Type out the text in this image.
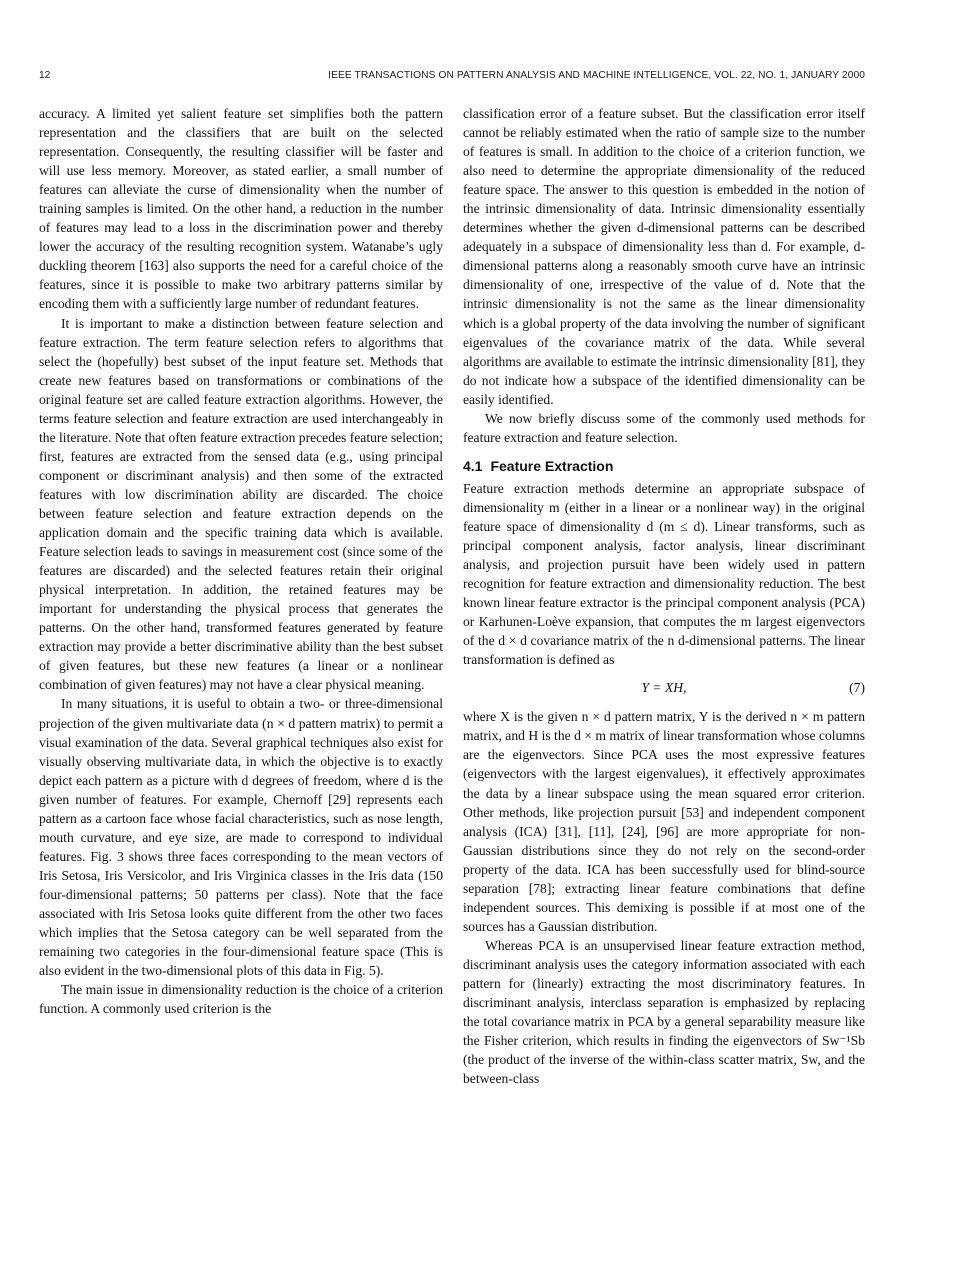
12	IEEE TRANSACTIONS ON PATTERN ANALYSIS AND MACHINE INTELLIGENCE, VOL. 22, NO. 1, JANUARY 2000

accuracy. A limited yet salient feature set simplifies both the pattern representation and the classifiers that are built on the selected representation. Consequently, the resulting classifier will be faster and will use less memory. Moreover, as stated earlier, a small number of features can alleviate the curse of dimensionality when the number of training samples is limited. On the other hand, a reduction in the number of features may lead to a loss in the discrimination power and thereby lower the accuracy of the resulting recognition system. Watanabe’s ugly duckling theorem [163] also supports the need for a careful choice of the features, since it is possible to make two arbitrary patterns similar by encoding them with a sufficiently large number of redundant features.

It is important to make a distinction between feature selection and feature extraction. The term feature selection refers to algorithms that select the (hopefully) best subset of the input feature set. Methods that create new features based on transformations or combinations of the original feature set are called feature extraction algorithms. However, the terms feature selection and feature extraction are used interchangeably in the literature. Note that often feature extraction precedes feature selection; first, features are extracted from the sensed data (e.g., using principal component or discriminant analysis) and then some of the extracted features with low discrimination ability are discarded. The choice between feature selection and feature extraction depends on the application domain and the specific training data which is available. Feature selection leads to savings in measurement cost (since some of the features are discarded) and the selected features retain their original physical interpretation. In addition, the retained features may be important for understanding the physical process that generates the patterns. On the other hand, transformed features generated by feature extraction may provide a better discriminative ability than the best subset of given features, but these new features (a linear or a nonlinear combination of given features) may not have a clear physical meaning.

In many situations, it is useful to obtain a two- or three-dimensional projection of the given multivariate data (n × d pattern matrix) to permit a visual examination of the data. Several graphical techniques also exist for visually observing multivariate data, in which the objective is to exactly depict each pattern as a picture with d degrees of freedom, where d is the given number of features. For example, Chernoff [29] represents each pattern as a cartoon face whose facial characteristics, such as nose length, mouth curvature, and eye size, are made to correspond to individual features. Fig. 3 shows three faces corresponding to the mean vectors of Iris Setosa, Iris Versicolor, and Iris Virginica classes in the Iris data (150 four-dimensional patterns; 50 patterns per class). Note that the face associated with Iris Setosa looks quite different from the other two faces which implies that the Setosa category can be well separated from the remaining two categories in the four-dimensional feature space (This is also evident in the two-dimensional plots of this data in Fig. 5).

The main issue in dimensionality reduction is the choice of a criterion function. A commonly used criterion is the

classification error of a feature subset. But the classification error itself cannot be reliably estimated when the ratio of sample size to the number of features is small. In addition to the choice of a criterion function, we also need to determine the appropriate dimensionality of the reduced feature space. The answer to this question is embedded in the notion of the intrinsic dimensionality of data. Intrinsic dimensionality essentially determines whether the given d-dimensional patterns can be described adequately in a subspace of dimensionality less than d. For example, d-dimensional patterns along a reasonably smooth curve have an intrinsic dimensionality of one, irrespective of the value of d. Note that the intrinsic dimensionality is not the same as the linear dimensionality which is a global property of the data involving the number of significant eigenvalues of the covariance matrix of the data. While several algorithms are available to estimate the intrinsic dimensionality [81], they do not indicate how a subspace of the identified dimensionality can be easily identified.

We now briefly discuss some of the commonly used methods for feature extraction and feature selection.

4.1 Feature Extraction

Feature extraction methods determine an appropriate subspace of dimensionality m (either in a linear or a nonlinear way) in the original feature space of dimensionality d (m ≤ d). Linear transforms, such as principal component analysis, factor analysis, linear discriminant analysis, and projection pursuit have been widely used in pattern recognition for feature extraction and dimensionality reduction. The best known linear feature extractor is the principal component analysis (PCA) or Karhunen-Loève expansion, that computes the m largest eigenvectors of the d × d covariance matrix of the n d-dimensional patterns. The linear transformation is defined as

Y = XH,	(7)

where X is the given n × d pattern matrix, Y is the derived n × m pattern matrix, and H is the d × m matrix of linear transformation whose columns are the eigenvectors. Since PCA uses the most expressive features (eigenvectors with the largest eigenvalues), it effectively approximates the data by a linear subspace using the mean squared error criterion. Other methods, like projection pursuit [53] and independent component analysis (ICA) [31], [11], [24], [96] are more appropriate for non-Gaussian distributions since they do not rely on the second-order property of the data. ICA has been successfully used for blind-source separation [78]; extracting linear feature combinations that define independent sources. This demixing is possible if at most one of the sources has a Gaussian distribution.

Whereas PCA is an unsupervised linear feature extraction method, discriminant analysis uses the category information associated with each pattern for (linearly) extracting the most discriminatory features. In discriminant analysis, interclass separation is emphasized by replacing the total covariance matrix in PCA by a general separability measure like the Fisher criterion, which results in finding the eigenvectors of Sw⁻¹Sb (the product of the inverse of the within-class scatter matrix, Sw, and the between-class
